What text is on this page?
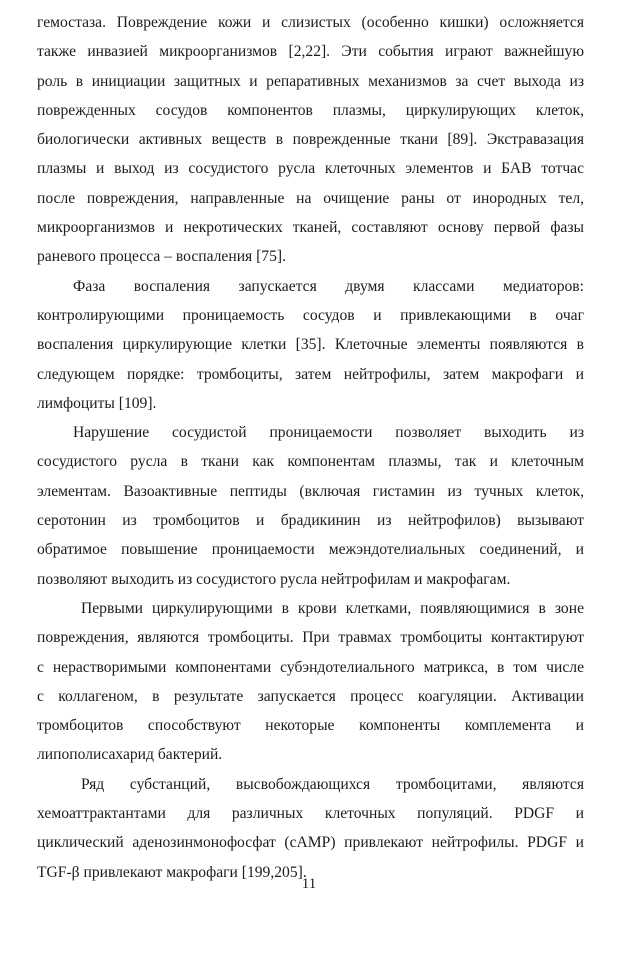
гемостаза. Повреждение кожи и слизистых (особенно кишки) осложняется
также инвазией микроорганизмов [2,22]. Эти события играют важнейшую
роль в инициации защитных и репаративных механизмов за счет выхода из
поврежденных сосудов компонентов плазмы, циркулирующих клеток,
биологически активных веществ в поврежденные ткани [89]. Экстравазация
плазмы и выход из сосудистого русла клеточных элементов и БАВ тотчас
после повреждения, направленные на очищение раны от инородных тел,
микроорганизмов и некротических тканей, составляют основу первой фазы
раневого процесса – воспаления [75].
Фаза воспаления запускается двумя классами медиаторов:
контролирующими проницаемость сосудов и привлекающими в очаг
воспаления циркулирующие клетки [35]. Клеточные элементы появляются в
следующем порядке: тромбоциты, затем нейтрофилы, затем макрофаги и
лимфоциты [109].
Нарушение сосудистой проницаемости позволяет выходить из
сосудистого русла в ткани как компонентам плазмы, так и клеточным
элементам. Вазоактивные пептиды (включая гистамин из тучных клеток,
серотонин из тромбоцитов и брадикинин из нейтрофилов) вызывают
обратимое повышение проницаемости межэндотелиальных соединений, и
позволяют выходить из сосудистого русла нейтрофилам и макрофагам.
Первыми циркулирующими в крови клетками, появляющимися в зоне
повреждения, являются тромбоциты. При травмах тромбоциты контактируют
с нерастворимыми компонентами субэндотелиального матрикса, в том числе
с коллагеном, в результате запускается процесс коагуляции. Активации
тромбоцитов способствуют некоторые компоненты комплемента и
липополисахарид бактерий.
Ряд субстанций, высвобождающихся тромбоцитами, являются
хемоаттрактантами для различных клеточных популяций. PDGF и
циклический аденозинмонофосфат (cAMP) привлекают нейтрофилы. PDGF и
TGF-β привлекают макрофаги [199,205].
11
